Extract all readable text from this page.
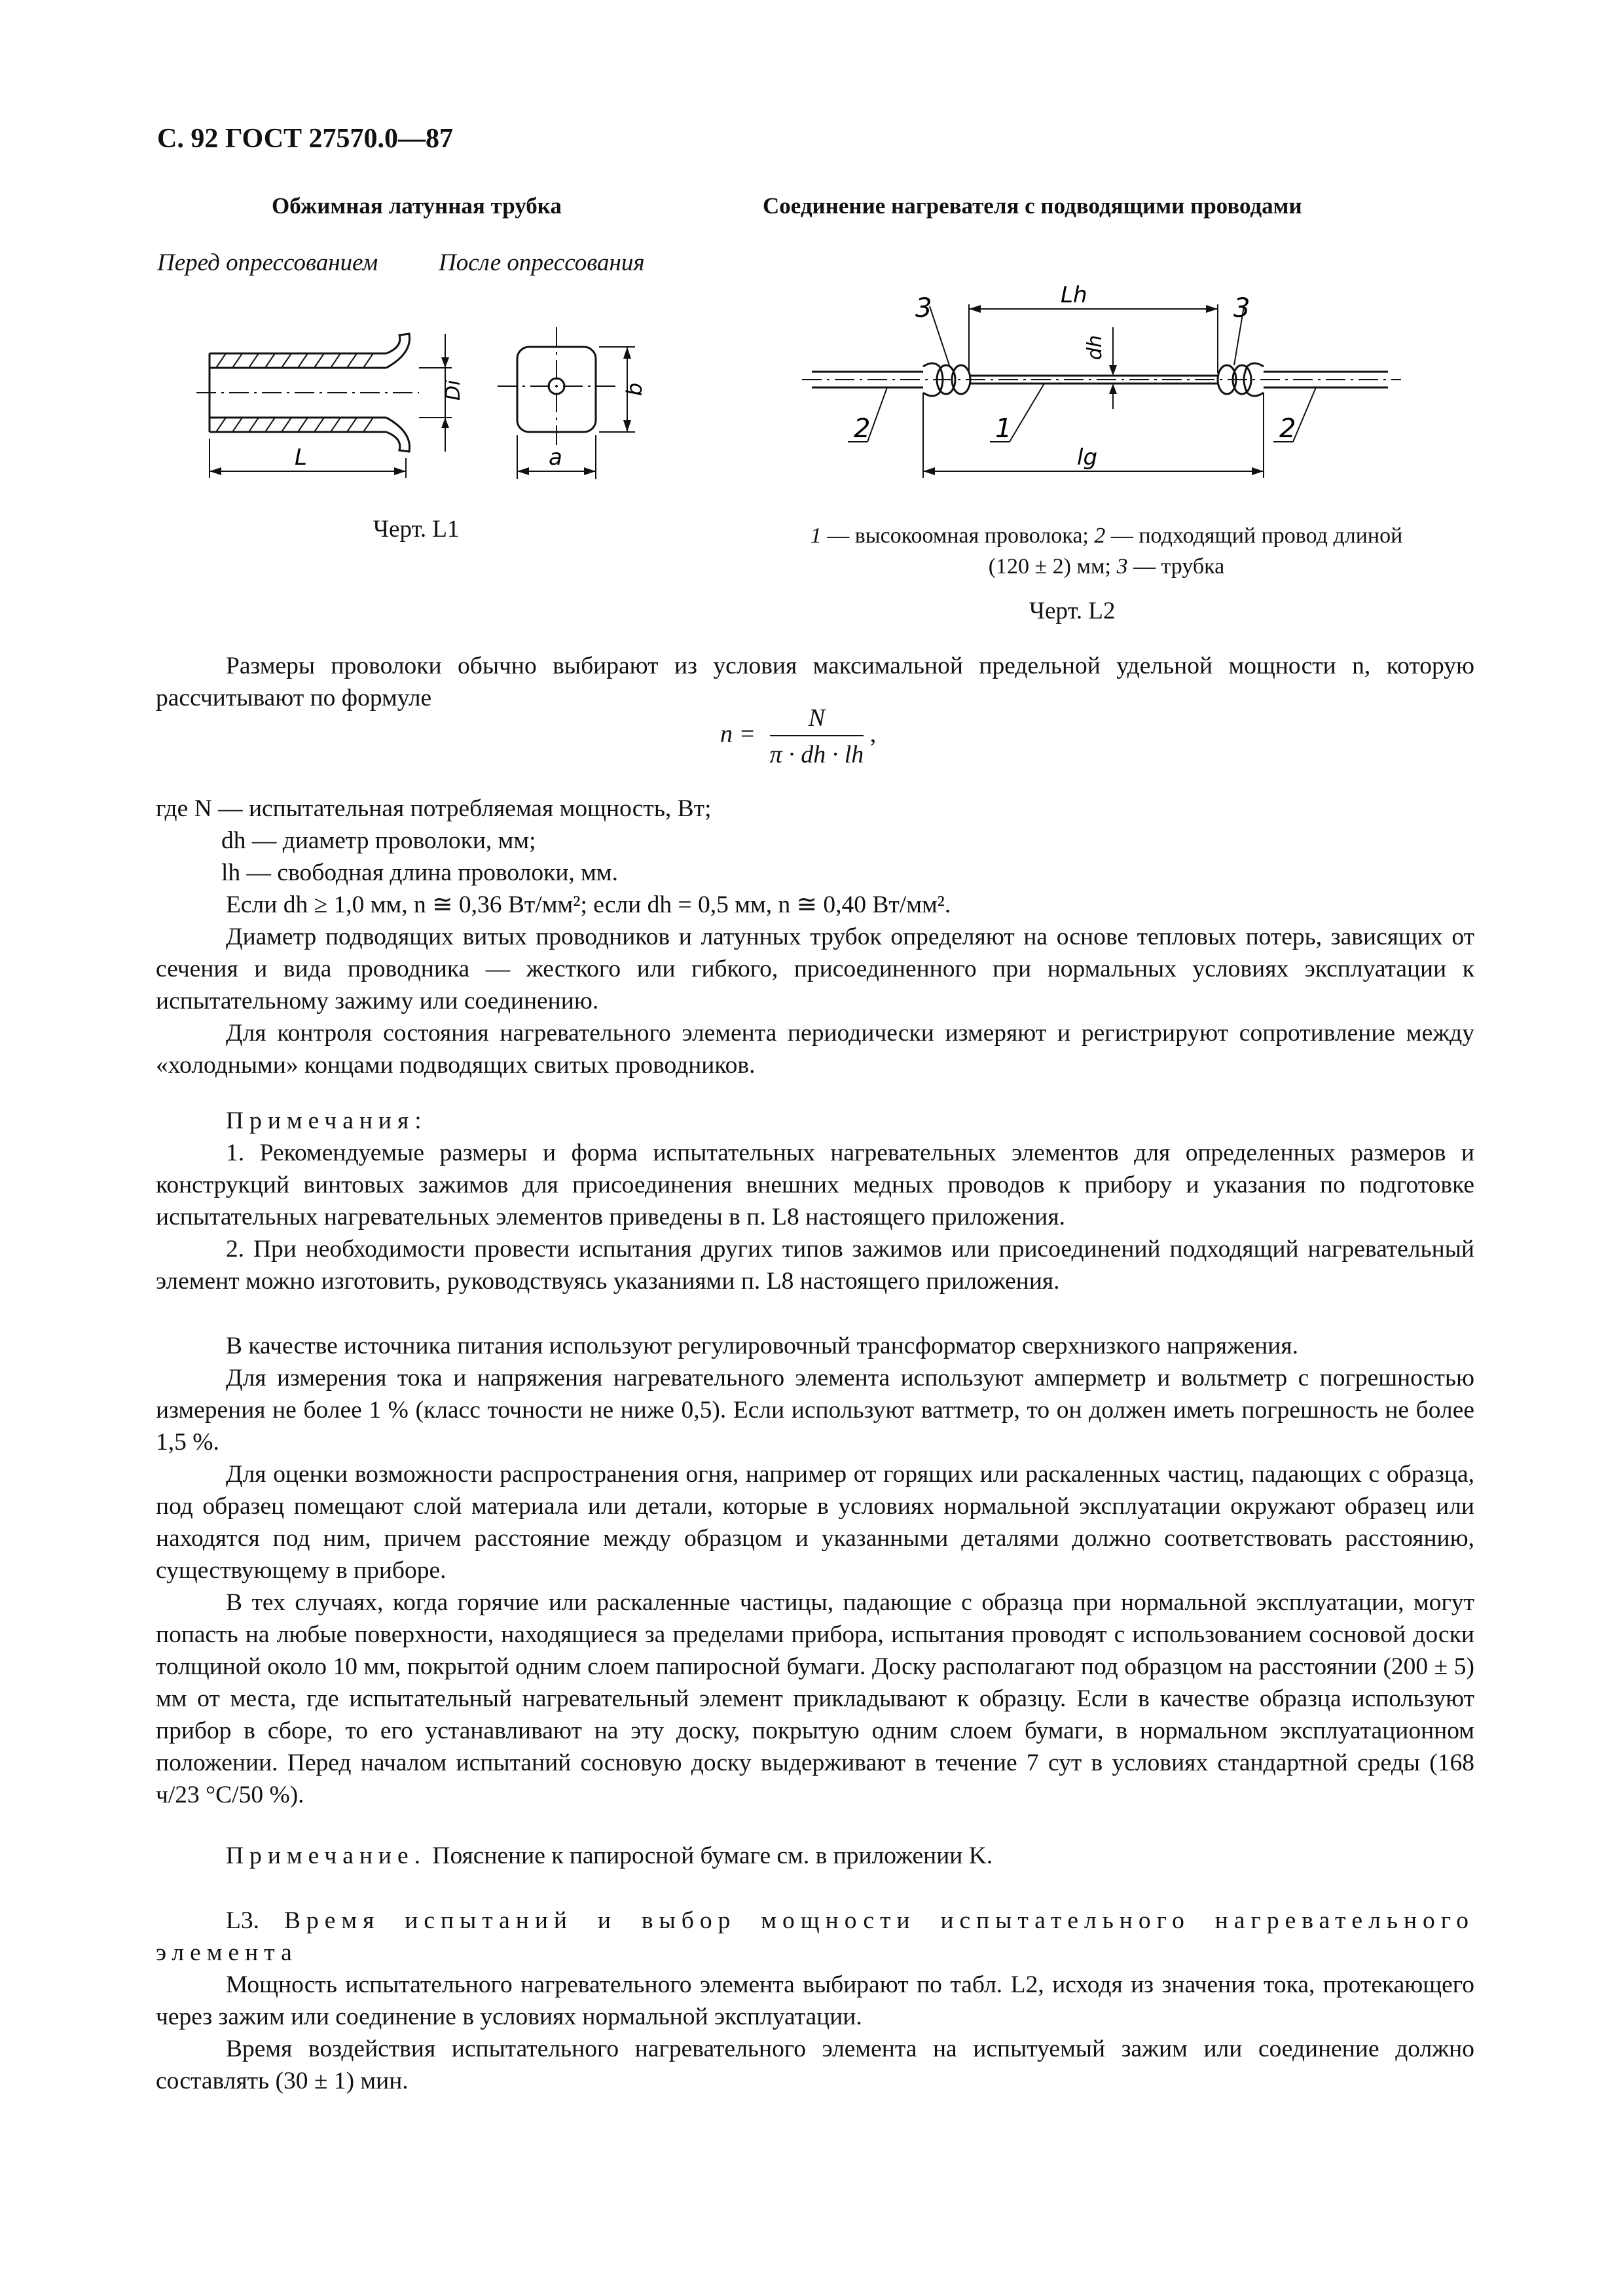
С. 92 ГОСТ 27570.0—87
Обжимная латунная трубка
Перед опрессованием	После опрессования
L
Di
a
b
Черт. L1
Соединение нагревателя с подводящими проводами
Lh
dh
lg
3	3
2	1	2
1 — высокоомная проволока; 2 — подходящий провод длиной
(120 ± 2) мм; 3 — трубка
Черт. L2

Размеры проволоки обычно выбирают из условия максимальной предельной удельной мощности n, которую рассчитывают по формуле

$n = \frac{N}{\pi \cdot dh \cdot lh}$ ,

где N — испытательная потребляемая мощность, Вт;

dh — диаметр проволоки, мм;

lh — свободная длина проволоки, мм.

Если dh ≥ 1,0 мм, n ≅ 0,36 Вт/мм²; если dh = 0,5 мм, n ≅ 0,40 Вт/мм².

Диаметр подводящих витых проводников и латунных трубок определяют на основе тепловых потерь, зависящих от сечения и вида проводника — жесткого или гибкого, присоединенного при нормальных условиях эксплуатации к испытательному зажиму или соединению.

Для контроля состояния нагревательного элемента периодически измеряют и регистрируют сопротивление между «холодными» концами подводящих свитых проводников.

Примечания:

1. Рекомендуемые размеры и форма испытательных нагревательных элементов для определенных размеров и конструкций винтовых зажимов для присоединения внешних медных проводов к прибору и указания по подготовке испытательных нагревательных элементов приведены в п. L8 настоящего приложения.

2. При необходимости провести испытания других типов зажимов или присоединений подходящий нагревательный элемент можно изготовить, руководствуясь указаниями п. L8 настоящего приложения.

В качестве источника питания используют регулировочный трансформатор сверхнизкого напряжения.

Для измерения тока и напряжения нагревательного элемента используют амперметр и вольтметр с погрешностью измерения не более 1 % (класс точности не ниже 0,5). Если используют ваттметр, то он должен иметь погрешность не более 1,5 %.

Для оценки возможности распространения огня, например от горящих или раскаленных частиц, падающих с образца, под образец помещают слой материала или детали, которые в условиях нормальной эксплуатации окружают образец или находятся под ним, причем расстояние между образцом и указанными деталями должно соответствовать расстоянию, существующему в приборе.

В тех случаях, когда горячие или раскаленные частицы, падающие с образца при нормальной эксплуатации, могут попасть на любые поверхности, находящиеся за пределами прибора, испытания проводят с использованием сосновой доски толщиной около 10 мм, покрытой одним слоем папиросной бумаги. Доску располагают под образцом на расстоянии (200 ± 5) мм от места, где испытательный нагревательный элемент прикладывают к образцу. Если в качестве образца используют прибор в сборе, то его устанавливают на эту доску, покрытую одним слоем бумаги, в нормальном эксплуатационном положении. Перед началом испытаний сосновую доску выдерживают в течение 7 сут в условиях стандартной среды (168 ч/23 °С/50 %).

Примечание. Пояснение к папиросной бумаге см. в приложении K.

L3. Время испытаний и выбор мощности испытательного нагревательного элемента

Мощность испытательного нагревательного элемента выбирают по табл. L2, исходя из значения тока, протекающего через зажим или соединение в условиях нормальной эксплуатации.

Время воздействия испытательного нагревательного элемента на испытуемый зажим или соединение должно составлять (30 ± 1) мин.
